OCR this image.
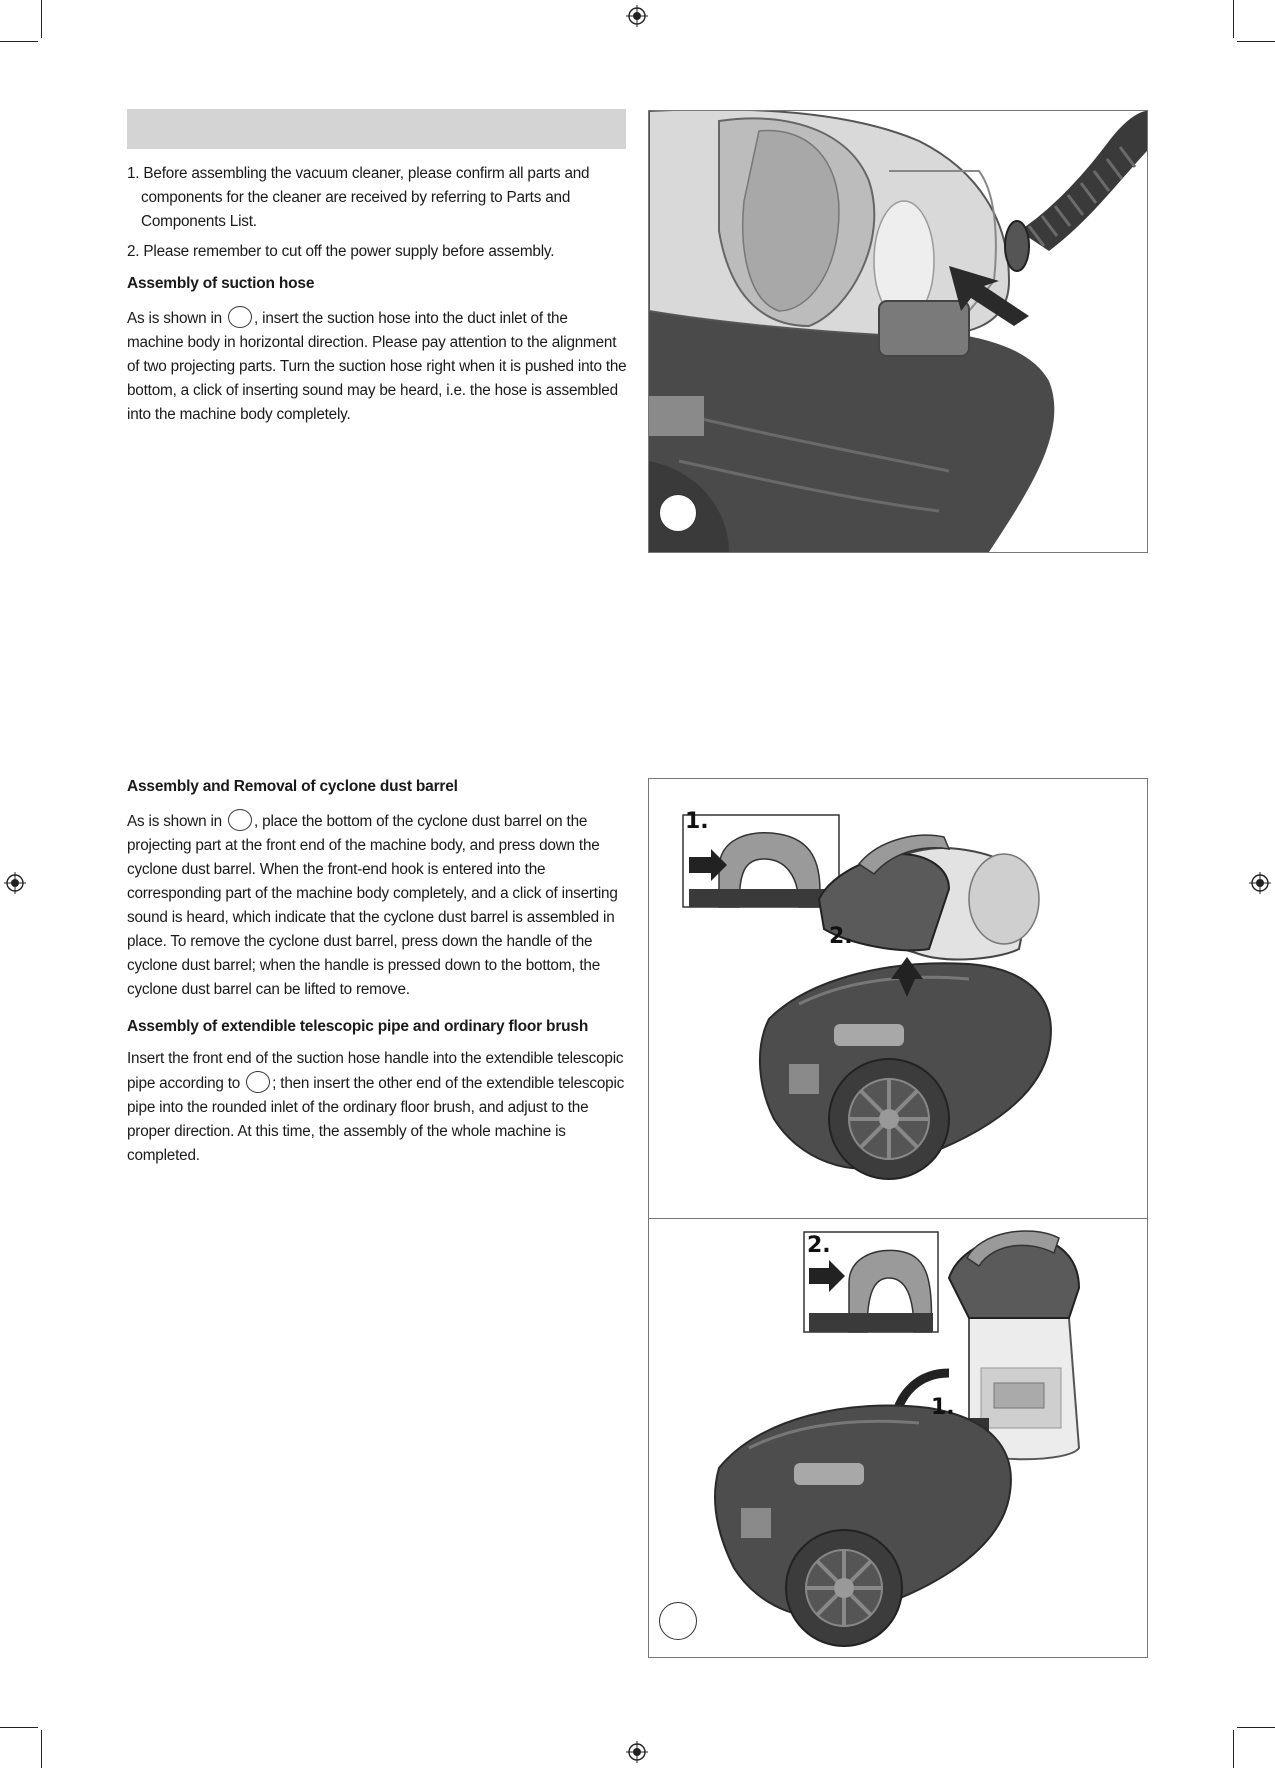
1. Before assembling the vacuum cleaner, please confirm all parts and components for the cleaner are received by referring to Parts and Components List.
2. Please remember to cut off the power supply before assembly.
Assembly of suction hose

As is shown in , insert the suction hose into the duct inlet of the machine body in horizontal direction. Please pay attention to the alignment of two projecting parts. Turn the suction hose right when it is pushed into the bottom, a click of inserting sound may be heard, i.e. the hose is assembled into the machine body completely.

Assembly and Removal of cyclone dust barrel

As is shown in , place the bottom of the cyclone dust barrel on the projecting part at the front end of the machine body, and press down the cyclone dust barrel. When the front-end hook is entered into the corresponding part of the machine body completely, and a click of inserting sound is heard, which indicate that the cyclone dust barrel is assembled in place. To remove the cyclone dust barrel, press down the handle of the cyclone dust barrel; when the handle is pressed down to the bottom, the cyclone dust barrel can be lifted to remove.

Assembly of extendible telescopic pipe and ordinary floor brush

Insert the front end of the suction hose handle into the extendible telescopic pipe according to ; then insert the other end of the extendible telescopic pipe into the rounded inlet of the ordinary floor brush, and adjust to the proper direction. At this time, the assembly of the whole machine is completed.

1.
2.
2.
1.
